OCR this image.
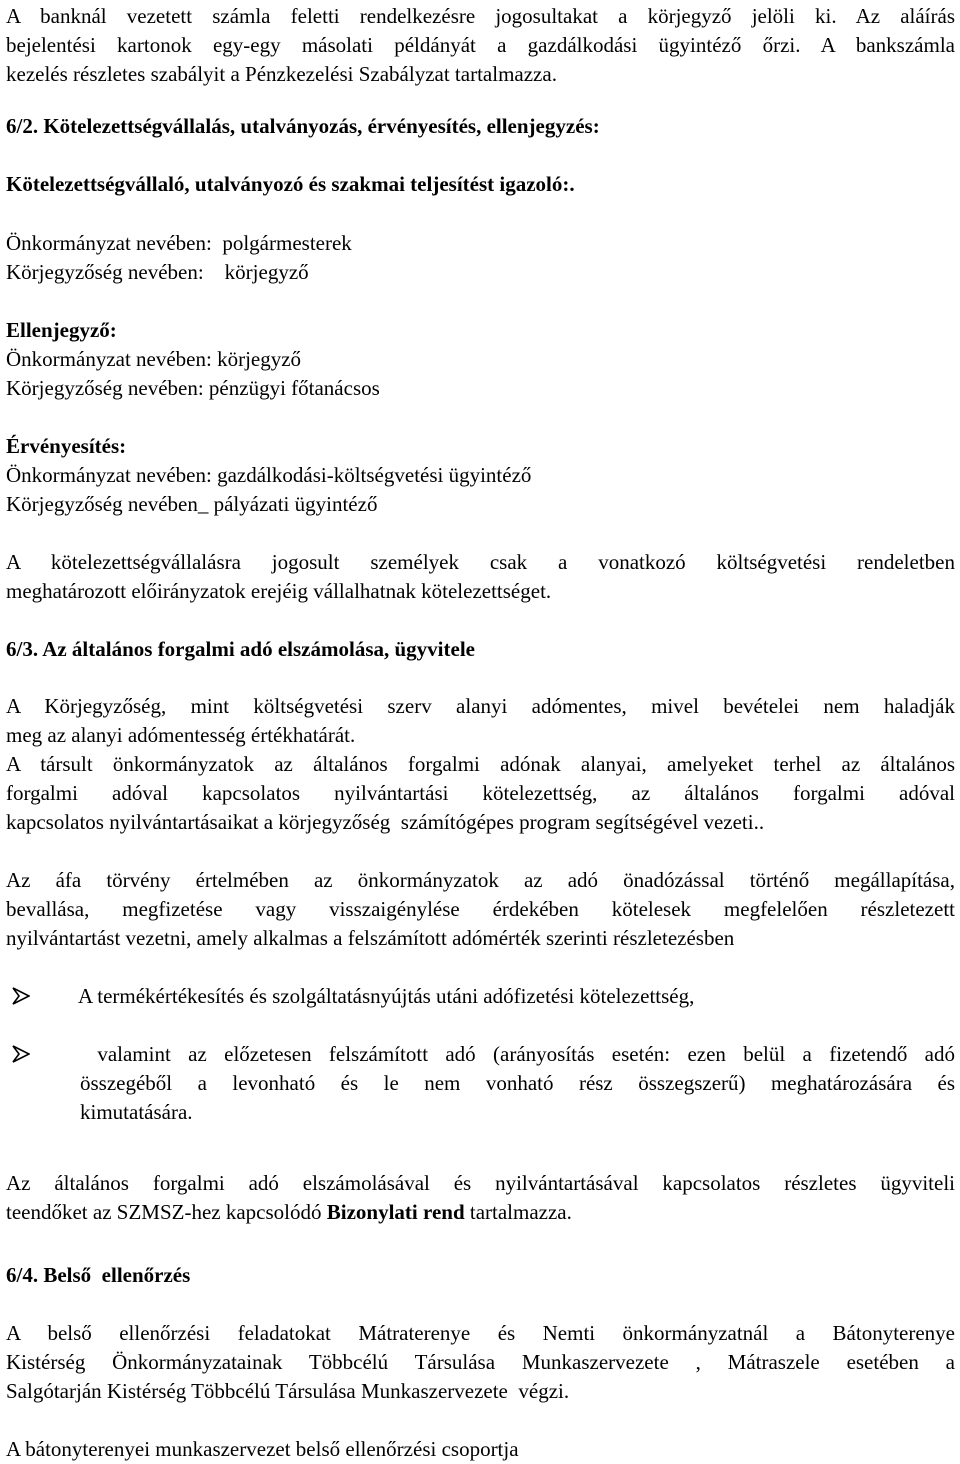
A banknál vezetett számla feletti rendelkezésre jogosultakat a körjegyző jelöli ki. Az aláírás
bejelentési kartonok egy-egy másolati példányát a gazdálkodási ügyintéző őrzi. A bankszámla
kezelés részletes szabályit a Pénzkezelési Szabályzat tartalmazza.
6/2. Kötelezettségvállalás, utalványozás, érvényesítés, ellenjegyzés:
Kötelezettségvállaló, utalványozó és szakmai teljesítést igazoló:.
Önkormányzat nevében:  polgármesterek
Körjegyzőség nevében:    körjegyző
Ellenjegyző:
Önkormányzat nevében: körjegyző
Körjegyzőség nevében: pénzügyi főtanácsos
Érvényesítés:
Önkormányzat nevében: gazdálkodási-költségvetési ügyintéző
Körjegyzőség nevében_ pályázati ügyintéző
A kötelezettségvállalásra jogosult személyek csak a vonatkozó költségvetési rendeletben
meghatározott előirányzatok erejéig vállalhatnak kötelezettséget.
6/3. Az általános forgalmi adó elszámolása, ügyvitele
A Körjegyzőség, mint költségvetési szerv alanyi adómentes, mivel bevételei nem haladják
meg az alanyi adómentesség értékhatárát.
A társult önkormányzatok az általános forgalmi adónak alanyai, amelyeket terhel az általános
forgalmi adóval kapcsolatos nyilvántartási kötelezettség, az általános forgalmi adóval
kapcsolatos nyilvántartásaikat a körjegyzőség  számítógépes program segítségével vezeti..
Az áfa törvény értelmében az önkormányzatok az adó önadózással történő megállapítása,
bevallása, megfizetése vagy visszaigénylése érdekében kötelesek megfelelően részletezett
nyilvántartást vezetni, amely alkalmas a felszámított adómérték szerinti részletezésben
A termékértékesítés és szolgáltatásnyújtás utáni adófizetési kötelezettség,
valamint az előzetesen felszámított adó (arányosítás esetén: ezen belül a fizetendő adó
összegéből a levonható és le nem vonható rész összegszerű) meghatározására és
kimutatására.
Az általános forgalmi adó elszámolásával és nyilvántartásával kapcsolatos részletes ügyviteli
teendőket az SZMSZ-hez kapcsolódó Bizonylati rend tartalmazza.
6/4. Belső  ellenőrzés
A belső ellenőrzési feladatokat Mátraterenye és Nemti önkormányzatnál a Bátonyterenye
Kistérség Önkormányzatainak Többcélú Társulása Munkaszervezete , Mátraszele esetében a
Salgótarján Kistérség Többcélú Társulása Munkaszervezete  végzi.
A bátonyterenyei munkaszervezet belső ellenőrzési csoportja
